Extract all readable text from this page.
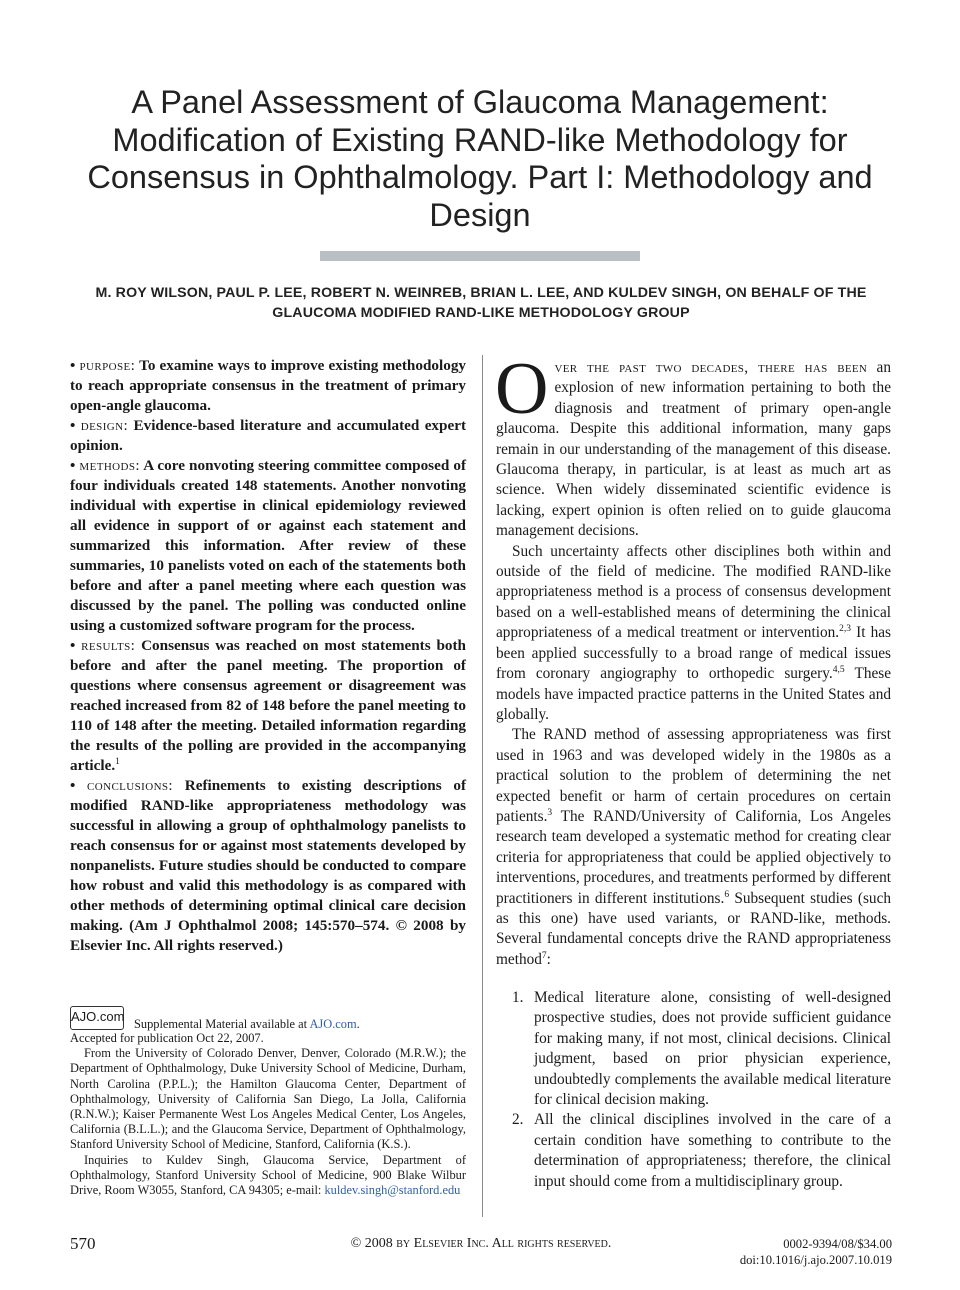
A Panel Assessment of Glaucoma Management: Modification of Existing RAND-like Methodology for Consensus in Ophthalmology. Part I: Methodology and Design
M. ROY WILSON, PAUL P. LEE, ROBERT N. WEINREB, BRIAN L. LEE, AND KULDEV SINGH, ON BEHALF OF THE GLAUCOMA MODIFIED RAND-LIKE METHODOLOGY GROUP

• purpose: To examine ways to improve existing methodology to reach appropriate consensus in the treatment of primary open-angle glaucoma.

• design: Evidence-based literature and accumulated expert opinion.

• methods: A core nonvoting steering committee composed of four individuals created 148 statements. Another nonvoting individual with expertise in clinical epidemiology reviewed all evidence in support of or against each statement and summarized this information. After review of these summaries, 10 panelists voted on each of the statements both before and after a panel meeting where each question was discussed by the panel. The polling was conducted online using a customized software program for the process.

• results: Consensus was reached on most statements both before and after the panel meeting. The proportion of questions where consensus agreement or disagreement was reached increased from 82 of 148 before the panel meeting to 110 of 148 after the meeting. Detailed information regarding the results of the polling are provided in the accompanying article.$^1$

• conclusions: Refinements to existing descriptions of modified RAND-like appropriateness methodology was successful in allowing a group of ophthalmology panelists to reach consensus for or against most statements developed by nonpanelists. Future studies should be conducted to compare how robust and valid this methodology is as compared with other methods of determining optimal clinical care decision making. (Am J Ophthalmol 2008; 145:570–574. © 2008 by Elsevier Inc. All rights reserved.)

AJO.com Supplemental Material available at AJO.com.

Accepted for publication Oct 22, 2007.

From the University of Colorado Denver, Denver, Colorado (M.R.W.); the Department of Ophthalmology, Duke University School of Medicine, Durham, North Carolina (P.P.L.); the Hamilton Glaucoma Center, Department of Ophthalmology, University of California San Diego, La Jolla, California (R.N.W.); Kaiser Permanente West Los Angeles Medical Center, Los Angeles, California (B.L.L.); and the Glaucoma Service, Department of Ophthalmology, Stanford University School of Medicine, Stanford, California (K.S.).

Inquiries to Kuldev Singh, Glaucoma Service, Department of Ophthalmology, Stanford University School of Medicine, 900 Blake Wilbur Drive, Room W3055, Stanford, CA 94305; e-mail: kuldev.singh@stanford.edu

Over the past two decades, there has been an explosion of new information pertaining to both the diagnosis and treatment of primary open-angle glaucoma. Despite this additional information, many gaps remain in our understanding of the management of this disease. Glaucoma therapy, in particular, is at least as much art as science. When widely disseminated scientific evidence is lacking, expert opinion is often relied on to guide glaucoma management decisions.

Such uncertainty affects other disciplines both within and outside of the field of medicine. The modified RAND-like appropriateness method is a process of consensus development based on a well-established means of determining the clinical appropriateness of a medical treatment or intervention.$^{2,3}$ It has been applied successfully to a broad range of medical issues from coronary angiography to orthopedic surgery.$^{4,5}$ These models have impacted practice patterns in the United States and globally.

The RAND method of assessing appropriateness was first used in 1963 and was developed widely in the 1980s as a practical solution to the problem of determining the net expected benefit or harm of certain procedures on certain patients.$^3$ The RAND/University of California, Los Angeles research team developed a systematic method for creating clear criteria for appropriateness that could be applied objectively to interventions, procedures, and treatments performed by different practitioners in different institutions.$^6$ Subsequent studies (such as this one) have used variants, or RAND-like, methods. Several fundamental concepts drive the RAND appropriateness method$^7$:

1. Medical literature alone, consisting of well-designed prospective studies, does not provide sufficient guidance for making many, if not most, clinical decisions. Clinical judgment, based on prior physician experience, undoubtedly complements the available medical literature for clinical decision making.
2. All the clinical disciplines involved in the care of a certain condition have something to contribute to the determination of appropriateness; therefore, the clinical input should come from a multidisciplinary group.
570	© 2008 by Elsevier Inc. All rights reserved.	0002-9394/08/$34.00
doi:10.1016/j.ajo.2007.10.019
